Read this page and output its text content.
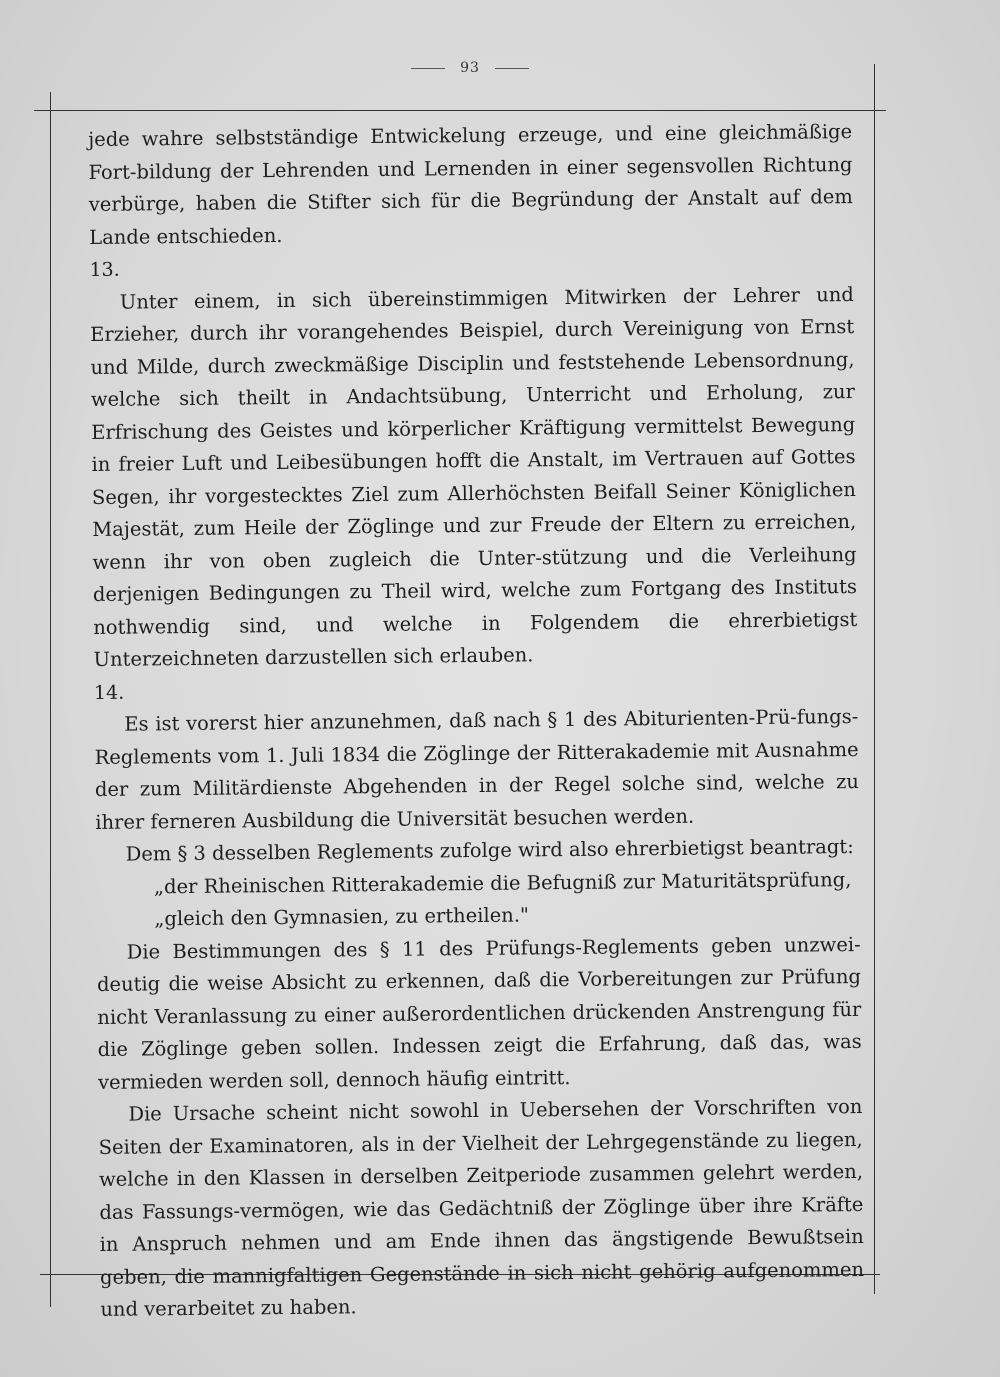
93

jede wahre selbstständige Entwickelung erzeuge, und eine gleichmäßige Fort-bildung der Lehrenden und Lernenden in einer segensvollen Richtung verbürge, haben die Stifter sich für die Begründung der Anstalt auf dem Lande entschieden.

13.

Unter einem, in sich übereinstimmigen Mitwirken der Lehrer und Erzieher, durch ihr vorangehendes Beispiel, durch Vereinigung von Ernst und Milde, durch zweckmäßige Disciplin und feststehende Lebensordnung, welche sich theilt in Andachtsübung, Unterricht und Erholung, zur Erfrischung des Geistes und körperlicher Kräftigung vermittelst Bewegung in freier Luft und Leibesübungen hofft die Anstalt, im Vertrauen auf Gottes Segen, ihr vorgestecktes Ziel zum Allerhöchsten Beifall Seiner Königlichen Majestät, zum Heile der Zöglinge und zur Freude der Eltern zu erreichen, wenn ihr von oben zugleich die Unter-stützung und die Verleihung derjenigen Bedingungen zu Theil wird, welche zum Fortgang des Instituts nothwendig sind, und welche in Folgendem die ehrerbietigst Unterzeichneten darzustellen sich erlauben.

14.

Es ist vorerst hier anzunehmen, daß nach § 1 des Abiturienten-Prü-fungs-Reglements vom 1. Juli 1834 die Zöglinge der Ritterakademie mit Ausnahme der zum Militärdienste Abgehenden in der Regel solche sind, welche zu ihrer ferneren Ausbildung die Universität besuchen werden.

Dem § 3 desselben Reglements zufolge wird also ehrerbietigst beantragt:

„der Rheinischen Ritterakademie die Befugniß zur Maturitätsprüfung,

„gleich den Gymnasien, zu ertheilen."

Die Bestimmungen des § 11 des Prüfungs-Reglements geben unzwei-deutig die weise Absicht zu erkennen, daß die Vorbereitungen zur Prüfung nicht Veranlassung zu einer außerordentlichen drückenden Anstrengung für die Zöglinge geben sollen. Indessen zeigt die Erfahrung, daß das, was vermieden werden soll, dennoch häufig eintritt.

Die Ursache scheint nicht sowohl in Uebersehen der Vorschriften von Seiten der Examinatoren, als in der Vielheit der Lehrgegenstände zu liegen, welche in den Klassen in derselben Zeitperiode zusammen gelehrt werden, das Fassungs-vermögen, wie das Gedächtniß der Zöglinge über ihre Kräfte in Anspruch nehmen und am Ende ihnen das ängstigende Bewußtsein geben, die mannigfaltigen Gegenstände in sich nicht gehörig aufgenommen und verarbeitet zu haben.
